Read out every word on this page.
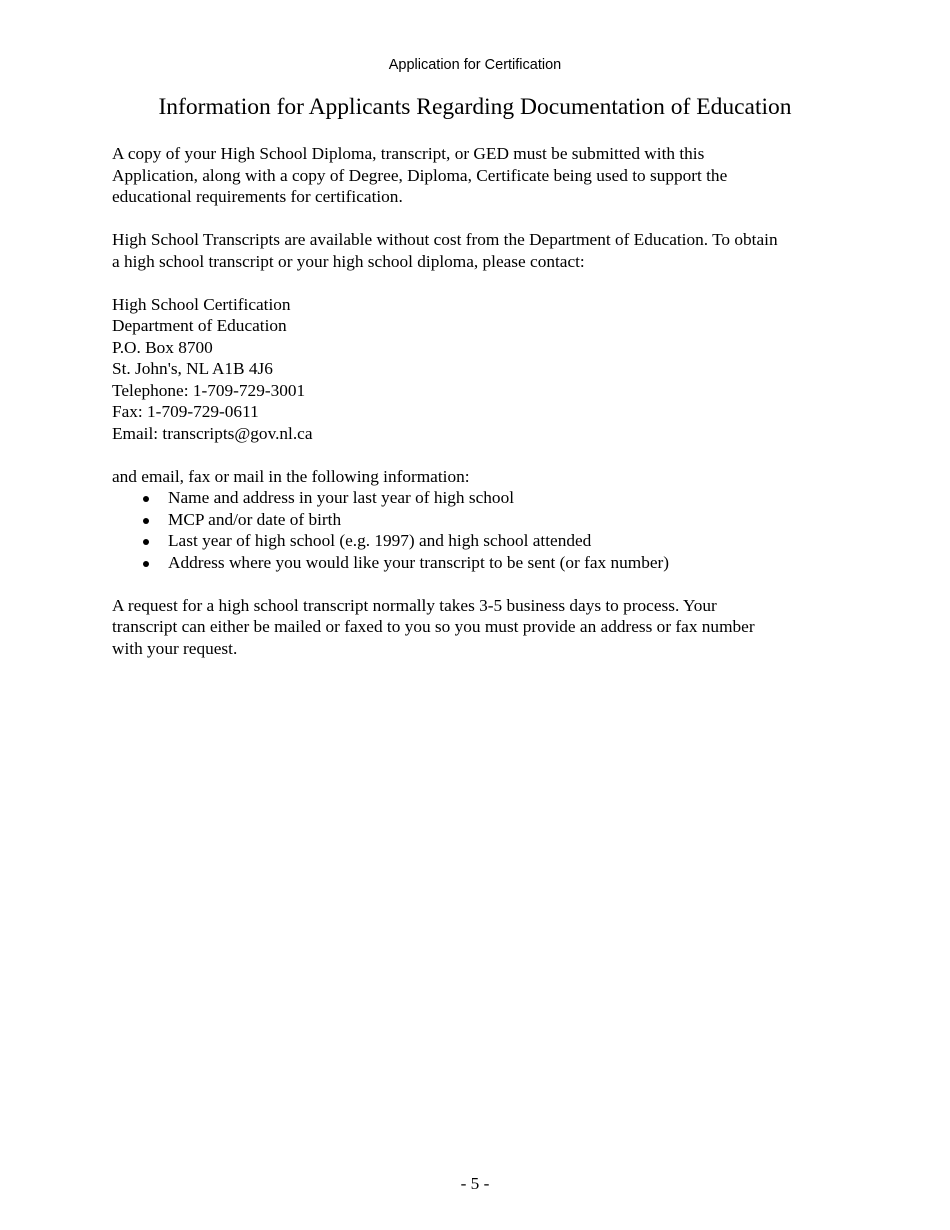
Application for Certification
Information for Applicants Regarding Documentation of Education

A copy of your High School Diploma, transcript, or GED must be submitted with this

Application, along with a copy of Degree, Diploma, Certificate being used to support the

educational requirements for certification.

High School Transcripts are available without cost from the Department of Education. To obtain

a high school transcript or your high school diploma, please contact:

High School Certification

Department of Education

P.O. Box 8700

St. John's, NL A1B 4J6

Telephone: 1-709-729-3001

Fax: 1-709-729-0611

Email: transcripts@gov.nl.ca

and email, fax or mail in the following information:

Name and address in your last year of high school
MCP and/or date of birth
Last year of high school (e.g. 1997) and high school attended
Address where you would like your transcript to be sent (or fax number)

A request for a high school transcript normally takes 3-5 business days to process. Your

transcript can either be mailed or faxed to you so you must provide an address or fax number

with your request.

- 5 -
